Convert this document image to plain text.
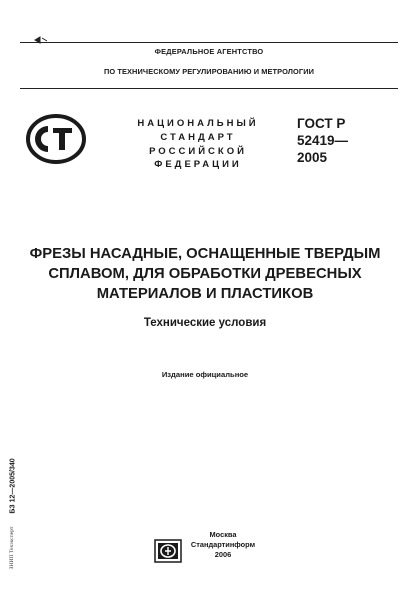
ФЕДЕРАЛЬНОЕ АГЕНТСТВО
ПО ТЕХНИЧЕСКОМУ РЕГУЛИРОВАНИЮ И МЕТРОЛОГИИ
НАЦИОНАЛЬНЫЙ
СТАНДАРТ
РОССИЙСКОЙ
ФЕДЕРАЦИИ
ГОСТ Р
52419—
2005
ФРЕЗЫ НАСАДНЫЕ, ОСНАЩЕННЫЕ ТВЕРДЫМ
СПЛАВОМ, ДЛЯ ОБРАБОТКИ ДРЕВЕСНЫХ
МАТЕРИАЛОВ И ПЛАСТИКОВ
Технические условия
Издание официальное
БЗ 12—2005/340
ЗНИП Техэксперт	Москва
Стандартинформ
2006
